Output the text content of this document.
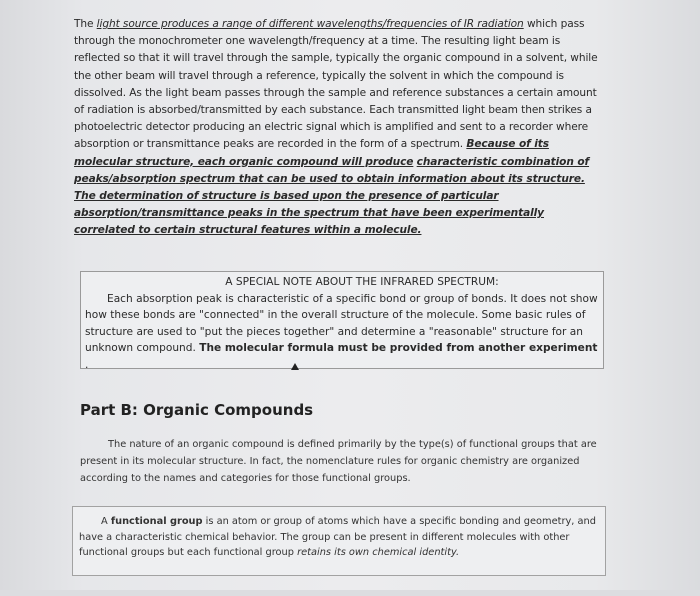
The light source produces a range of different wavelengths/frequencies of IR radiation which pass through the monochrometer one wavelength/frequency at a time. The resulting light beam is reflected so that it will travel through the sample, typically the organic compound in a solvent, while the other beam will travel through a reference, typically the solvent in which the compound is dissolved. As the light beam passes through the sample and reference substances a certain amount of radiation is absorbed/transmitted by each substance. Each transmitted light beam then strikes a photoelectric detector producing an electric signal which is amplified and sent to a recorder where absorption or transmittance peaks are recorded in the form of a spectrum. Because of its molecular structure, each organic compound will produce characteristic combination of peaks/absorption spectrum that can be used to obtain information about its structure. The determination of structure is based upon the presence of particular absorption/transmittance peaks in the spectrum that have been experimentally correlated to certain structural features within a molecule.

A SPECIAL NOTE ABOUT THE INFRARED SPECTRUM:
Each absorption peak is characteristic of a specific bond or group of bonds. It does not show how these bonds are "connected" in the overall structure of the molecule. Some basic rules of structure are used to "put the pieces together" and determine a "reasonable" structure for an unknown compound. The molecular formula must be provided from another experiment .
Part B: Organic Compounds
The nature of an organic compound is defined primarily by the type(s) of functional groups that are present in its molecular structure. In fact, the nomenclature rules for organic chemistry are organized according to the names and categories for those functional groups.
A functional group is an atom or group of atoms which have a specific bonding and geometry, and have a characteristic chemical behavior. The group can be present in different molecules with other functional groups but each functional group retains its own chemical identity.
